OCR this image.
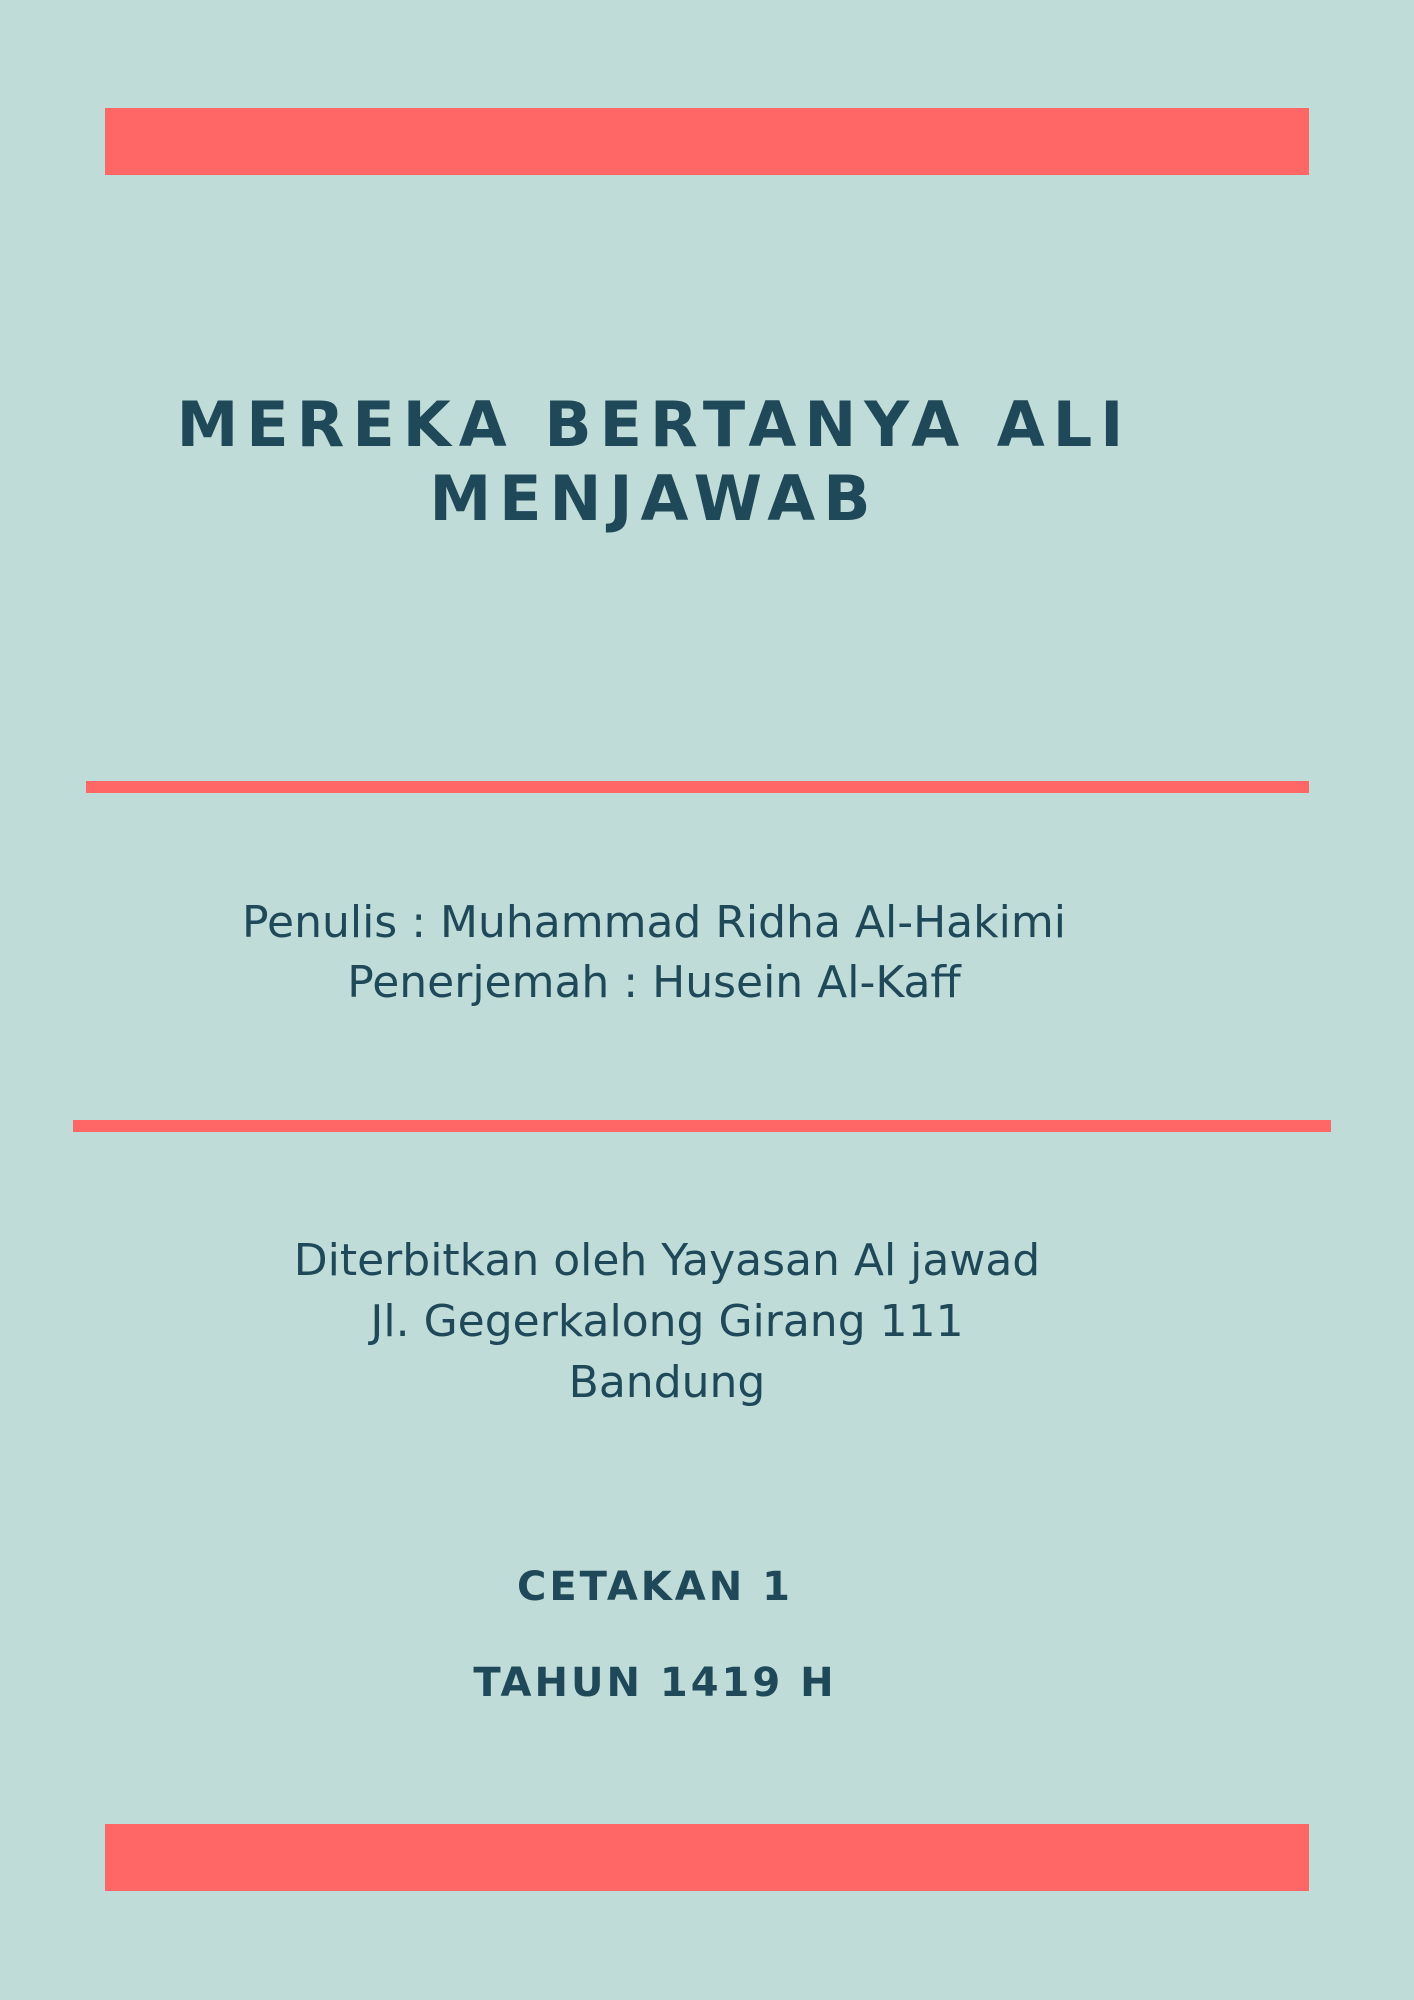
MEREKA BERTANYA ALI
MENJAWAB
Penulis : Muhammad Ridha Al-Hakimi
Penerjemah : Husein Al-Kaff
Diterbitkan oleh Yayasan Al jawad
Jl. Gegerkalong Girang 111
Bandung
CETAKAN 1
TAHUN 1419 H
